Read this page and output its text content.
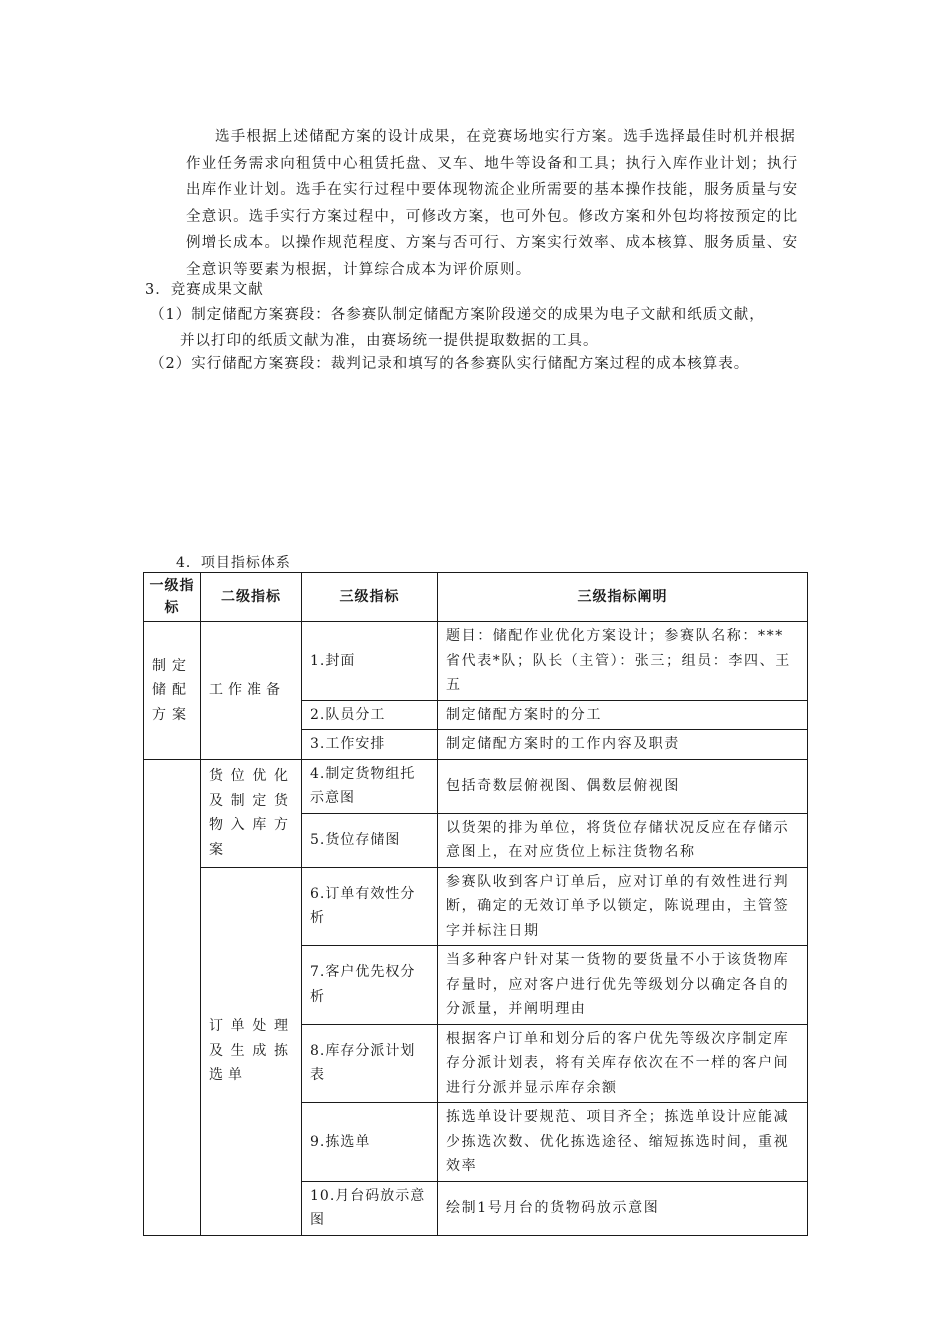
选手根据上述储配方案的设计成果，在竞赛场地实行方案。选手选择最佳时机并根据作业任务需求向租赁中心租赁托盘、叉车、地牛等设备和工具；执行入库作业计划；执行出库作业计划。选手在实行过程中要体现物流企业所需要的基本操作技能，服务质量与安全意识。选手实行方案过程中，可修改方案，也可外包。修改方案和外包均将按预定的比例增长成本。以操作规范程度、方案与否可行、方案实行效率、成本核算、服务质量、安全意识等要素为根据，计算综合成本为评价原则。
3．竞赛成果文献
（1）制定储配方案赛段：各参赛队制定储配方案阶段递交的成果为电子文献和纸质文献，
并以打印的纸质文献为准，由赛场统一提供提取数据的工具。
（2）实行储配方案赛段：裁判记录和填写的各参赛队实行储配方案过程的成本核算表。
4．项目指标体系
一级指标	二级指标	三级指标	三级指标阐明
制定储配方案	工作准备	1.封面	题目：储配作业优化方案设计；参赛队名称：***省代表*队；队长（主管）：张三；组员：李四、王五
		2.队员分工	制定储配方案时的分工
		3.工作安排	制定储配方案时的工作内容及职责
	货位优化及制定货物入库方案	4.制定货物组托示意图	包括奇数层俯视图、偶数层俯视图
		5.货位存储图	以货架的排为单位，将货位存储状况反应在存储示意图上，在对应货位上标注货物名称
	订单处理及生成拣选单	6.订单有效性分析	参赛队收到客户订单后，应对订单的有效性进行判断，确定的无效订单予以锁定，陈说理由，主管签字并标注日期
		7.客户优先权分析	当多种客户针对某一货物的要货量不小于该货物库存量时，应对客户进行优先等级划分以确定各自的分派量，并阐明理由
		8.库存分派计划表	根据客户订单和划分后的客户优先等级次序制定库存分派计划表，将有关库存依次在不一样的客户间进行分派并显示库存余额
		9.拣选单	拣选单设计要规范、项目齐全；拣选单设计应能减少拣选次数、优化拣选途径、缩短拣选时间，重视效率
		10.月台码放示意图	绘制1号月台的货物码放示意图
